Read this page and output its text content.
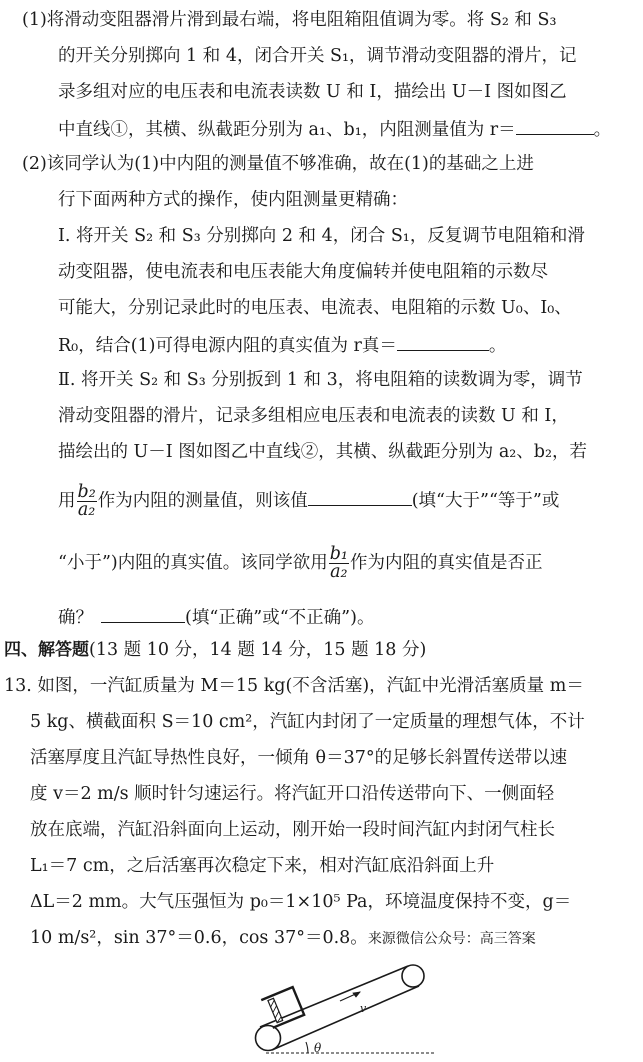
(1)将滑动变阻器滑片滑到最右端，将电阻箱阻值调为零。将 S₂ 和 S₃
的开关分别掷向 1 和 4，闭合开关 S₁，调节滑动变阻器的滑片，记
录多组对应的电压表和电流表读数 U 和 I，描绘出 U－I 图如图乙
中直线①，其横、纵截距分别为 a₁、b₁，内阻测量值为 r＝	。
(2)该同学认为(1)中内阻的测量值不够准确，故在(1)的基础之上进
行下面两种方式的操作，使内阻测量更精确：
Ⅰ. 将开关 S₂ 和 S₃ 分别掷向 2 和 4，闭合 S₁，反复调节电阻箱和滑
动变阻器，使电流表和电压表能大角度偏转并使电阻箱的示数尽
可能大，分别记录此时的电压表、电流表、电阻箱的示数 U₀、I₀、
R₀，结合(1)可得电源内阻的真实值为 r真＝	。
Ⅱ. 将开关 S₂ 和 S₃ 分别扳到 1 和 3，将电阻箱的读数调为零，调节
滑动变阻器的滑片，记录多组相应电压表和电流表的读数 U 和 I，
描绘出的 U－I 图如图乙中直线②，其横、纵截距分别为 a₂、b₂，若
用 $\frac{\text{b₂}}{\text{a₂}}$ 作为内阻的测量值，则该值	(填“大于”“等于”或
“小于”)内阻的真实值。该同学欲用 $\frac{\text{b₁}}{\text{a₂}}$ 作为内阻的真实值是否正
确？	(填“正确”或“不正确”)。
四、解答题(13 题 10 分，14 题 14 分，15 题 18 分)
13. 如图，一汽缸质量为 M＝15 kg(不含活塞)，汽缸中光滑活塞质量 m＝
5 kg、横截面积 S＝10 cm²，汽缸内封闭了一定质量的理想气体，不计
活塞厚度且汽缸导热性良好，一倾角 θ＝37°的足够长斜置传送带以速
度 v＝2 m/s 顺时针匀速运行。将汽缸开口沿传送带向下、一侧面轻
放在底端，汽缸沿斜面向上运动，刚开始一段时间汽缸内封闭气柱长
L₁＝7 cm，之后活塞再次稳定下来，相对汽缸底沿斜面上升
ΔL＝2 mm。大气压强恒为 p₀＝1×10⁵ Pa，环境温度保持不变，g＝
10 m/s²，sin 37°＝0.6，cos 37°＝0.8。来源微信公众号：高三答案
v
θ
